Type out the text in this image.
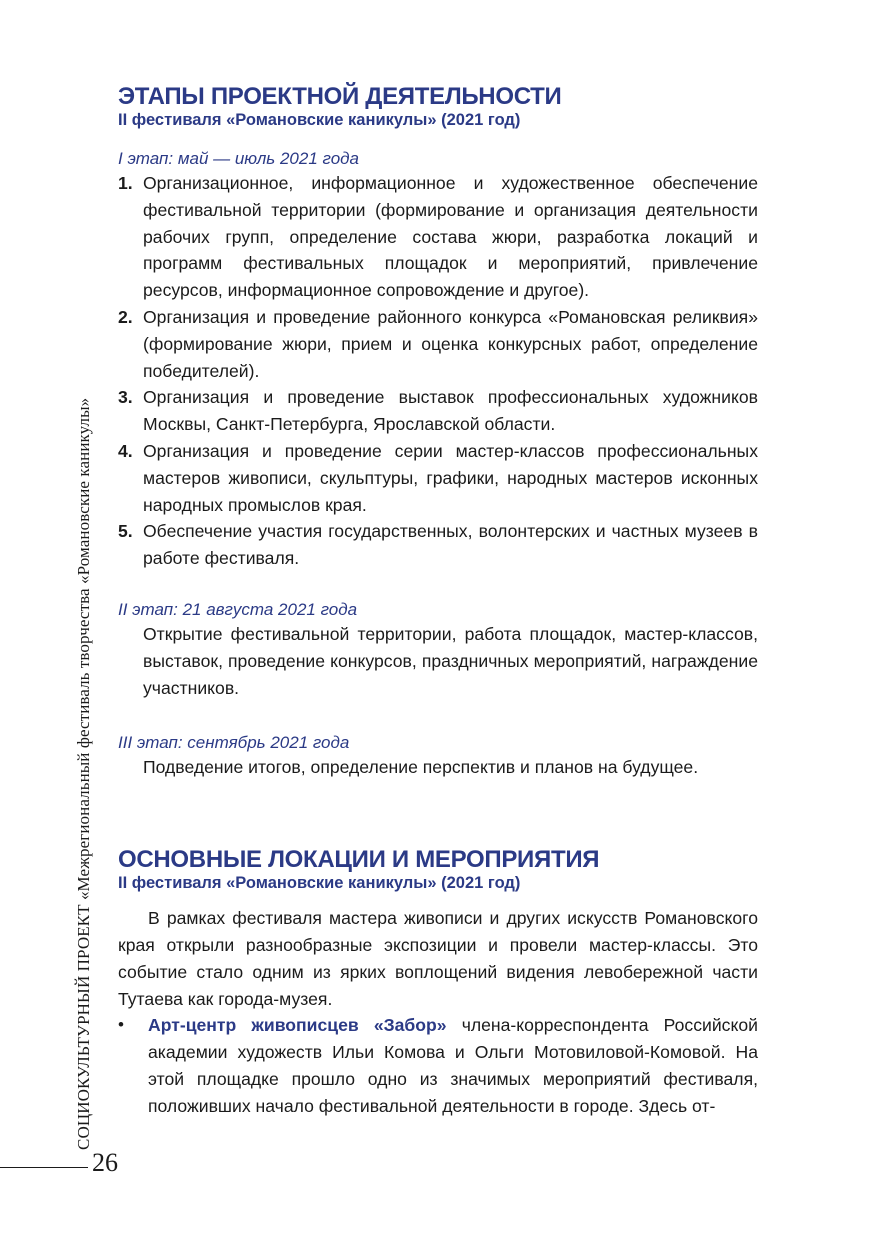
СОЦИОКУЛЬТУРНЫЙ ПРОЕКТ «Межрегиональный фестиваль творчества «Романовские каникулы»
26
ЭТАПЫ ПРОЕКТНОЙ ДЕЯТЕЛЬНОСТИ
II фестиваля «Романовские каникулы» (2021 год)
I этап: май — июль 2021 года
1. Организационное, информационное и художественное обеспечение фестивальной территории (формирование и организация деятельности рабочих групп, определение состава жюри, разработка локаций и программ фестивальных площадок и мероприятий, привлечение ресурсов, информационное сопровождение и другое).

2. Организация и проведение районного конкурса «Романовская реликвия» (формирование жюри, прием и оценка конкурсных работ, определение победителей).

3. Организация и проведение выставок профессиональных художников Москвы, Санкт-Петербурга, Ярославской области.

4. Организация и проведение серии мастер-классов профессиональных мастеров живописи, скульптуры, графики, народных мастеров исконных народных промыслов края.

5. Обеспечение участия государственных, волонтерских и частных музеев в работе фестиваля.

II этап: 21 августа 2021 года

Открытие фестивальной территории, работа площадок, мастер-классов, выставок, проведение конкурсов, праздничных мероприятий, награждение участников.

III этап: сентябрь 2021 года

Подведение итогов, определение перспектив и планов на будущее.

ОСНОВНЫЕ ЛОКАЦИИ И МЕРОПРИЯТИЯ
II фестиваля «Романовские каникулы» (2021 год)

В рамках фестиваля мастера живописи и других искусств Романовского края открыли разнообразные экспозиции и провели мастер-классы. Это событие стало одним из ярких воплощений видения левобережной части Тутаева как города-музея.

•	Арт-центр живописцев «Забор» члена-корреспондента Российской академии художеств Ильи Комова и Ольги Мотовиловой-Комовой. На этой площадке прошло одно из значимых мероприятий фестиваля, положивших начало фестивальной деятельности в городе. Здесь от-
